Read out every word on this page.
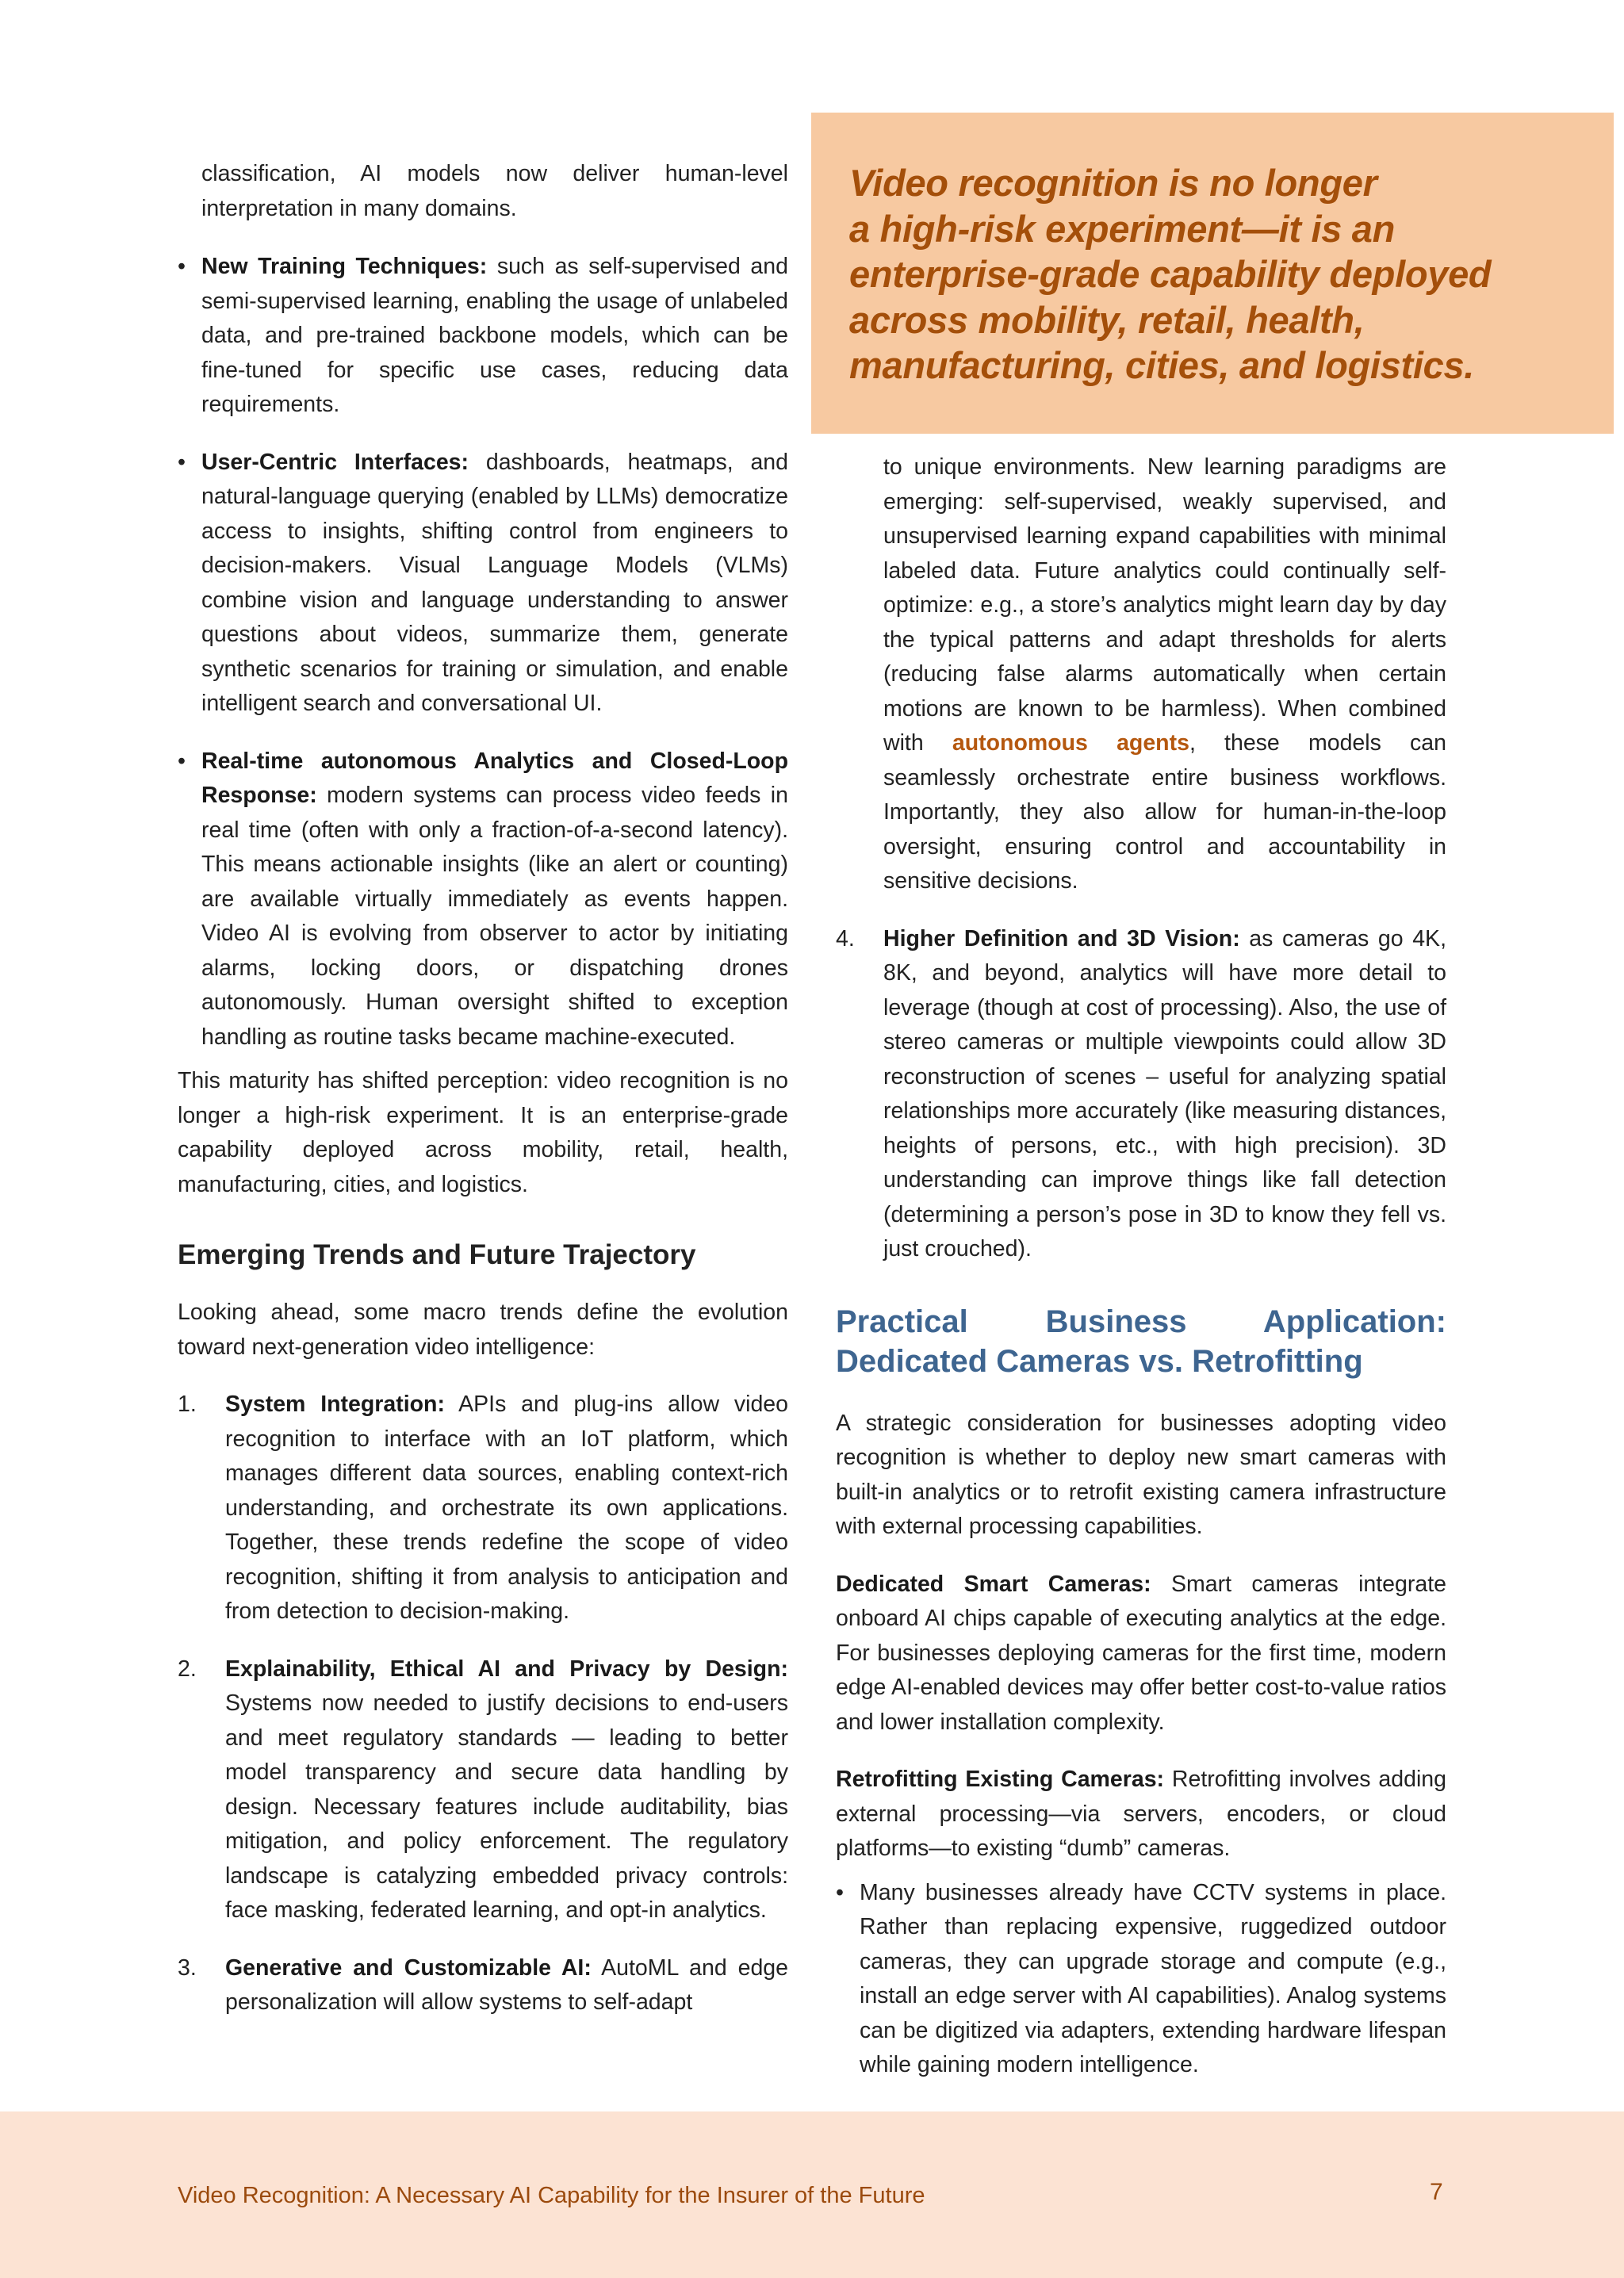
Video recognition is no longer
a high-risk experiment—it is an
enterprise-grade capability deployed
across mobility, retail, health,
manufacturing, cities, and logistics.

classification, AI models now deliver human-level interpretation in many domains.
• New Training Techniques: such as self-supervised and semi-supervised learning, enabling the usage of unlabeled data, and pre-trained backbone models, which can be fine-tuned for specific use cases, reducing data requirements.
• User-Centric Interfaces: dashboards, heatmaps, and natural-language querying (enabled by LLMs) democratize access to insights, shifting control from engineers to decision-makers. Visual Language Models (VLMs) combine vision and language understanding to answer questions about videos, summarize them, generate synthetic scenarios for training or simulation, and enable intelligent search and conversational UI.
• Real-time autonomous Analytics and Closed-Loop Response: modern systems can process video feeds in real time (often with only a fraction-of-a-second latency). This means actionable insights (like an alert or counting) are available virtually immediately as events happen. Video AI is evolving from observer to actor by initiating alarms, locking doors, or dispatching drones autonomously. Human oversight shifted to exception handling as routine tasks became machine-executed.

This maturity has shifted perception: video recognition is no longer a high-risk experiment. It is an enterprise-grade capability deployed across mobility, retail, health, manufacturing, cities, and logistics.

Emerging Trends and Future Trajectory

Looking ahead, some macro trends define the evolution toward next-generation video intelligence:

1. System Integration: APIs and plug-ins allow video recognition to interface with an IoT platform, which manages different data sources, enabling context-rich understanding, and orchestrate its own applications. Together, these trends redefine the scope of video recognition, shifting it from analysis to anticipation and from detection to decision-making.
2. Explainability, Ethical AI and Privacy by Design: Systems now needed to justify decisions to end-users and meet regulatory standards — leading to better model transparency and secure data handling by design. Necessary features include auditability, bias mitigation, and policy enforcement. The regulatory landscape is catalyzing embedded privacy controls: face masking, federated learning, and opt-in analytics.
3. Generative and Customizable AI: AutoML and edge personalization will allow systems to self-adapt
to unique environments. New learning paradigms are emerging: self-supervised, weakly supervised, and unsupervised learning expand capabilities with minimal labeled data. Future analytics could continually self-optimize: e.g., a store’s analytics might learn day by day the typical patterns and adapt thresholds for alerts (reducing false alarms automatically when certain motions are known to be harmless). When combined with autonomous agents, these models can seamlessly orchestrate entire business workflows. Importantly, they also allow for human-in-the-loop oversight, ensuring control and accountability in sensitive decisions.
4. Higher Definition and 3D Vision: as cameras go 4K, 8K, and beyond, analytics will have more detail to leverage (though at cost of processing). Also, the use of stereo cameras or multiple viewpoints could allow 3D reconstruction of scenes – useful for analyzing spatial relationships more accurately (like measuring distances, heights of persons, etc., with high precision). 3D understanding can improve things like fall detection (determining a person’s pose in 3D to know they fell vs. just crouched).
Practical Business Application: Dedicated Cameras vs. Retrofitting

A strategic consideration for businesses adopting video recognition is whether to deploy new smart cameras with built-in analytics or to retrofit existing camera infrastructure with external processing capabilities.

Dedicated Smart Cameras: Smart cameras integrate onboard AI chips capable of executing analytics at the edge. For businesses deploying cameras for the first time, modern edge AI-enabled devices may offer better cost-to-value ratios and lower installation complexity.

Retrofitting Existing Cameras: Retrofitting involves adding external processing—via servers, encoders, or cloud platforms—to existing “dumb” cameras.

• Many businesses already have CCTV systems in place. Rather than replacing expensive, ruggedized outdoor cameras, they can upgrade storage and compute (e.g., install an edge server with AI capabilities). Analog systems can be digitized via adapters, extending hardware lifespan while gaining modern intelligence.
Video Recognition: A Necessary AI Capability for the Insurer of the Future	7
